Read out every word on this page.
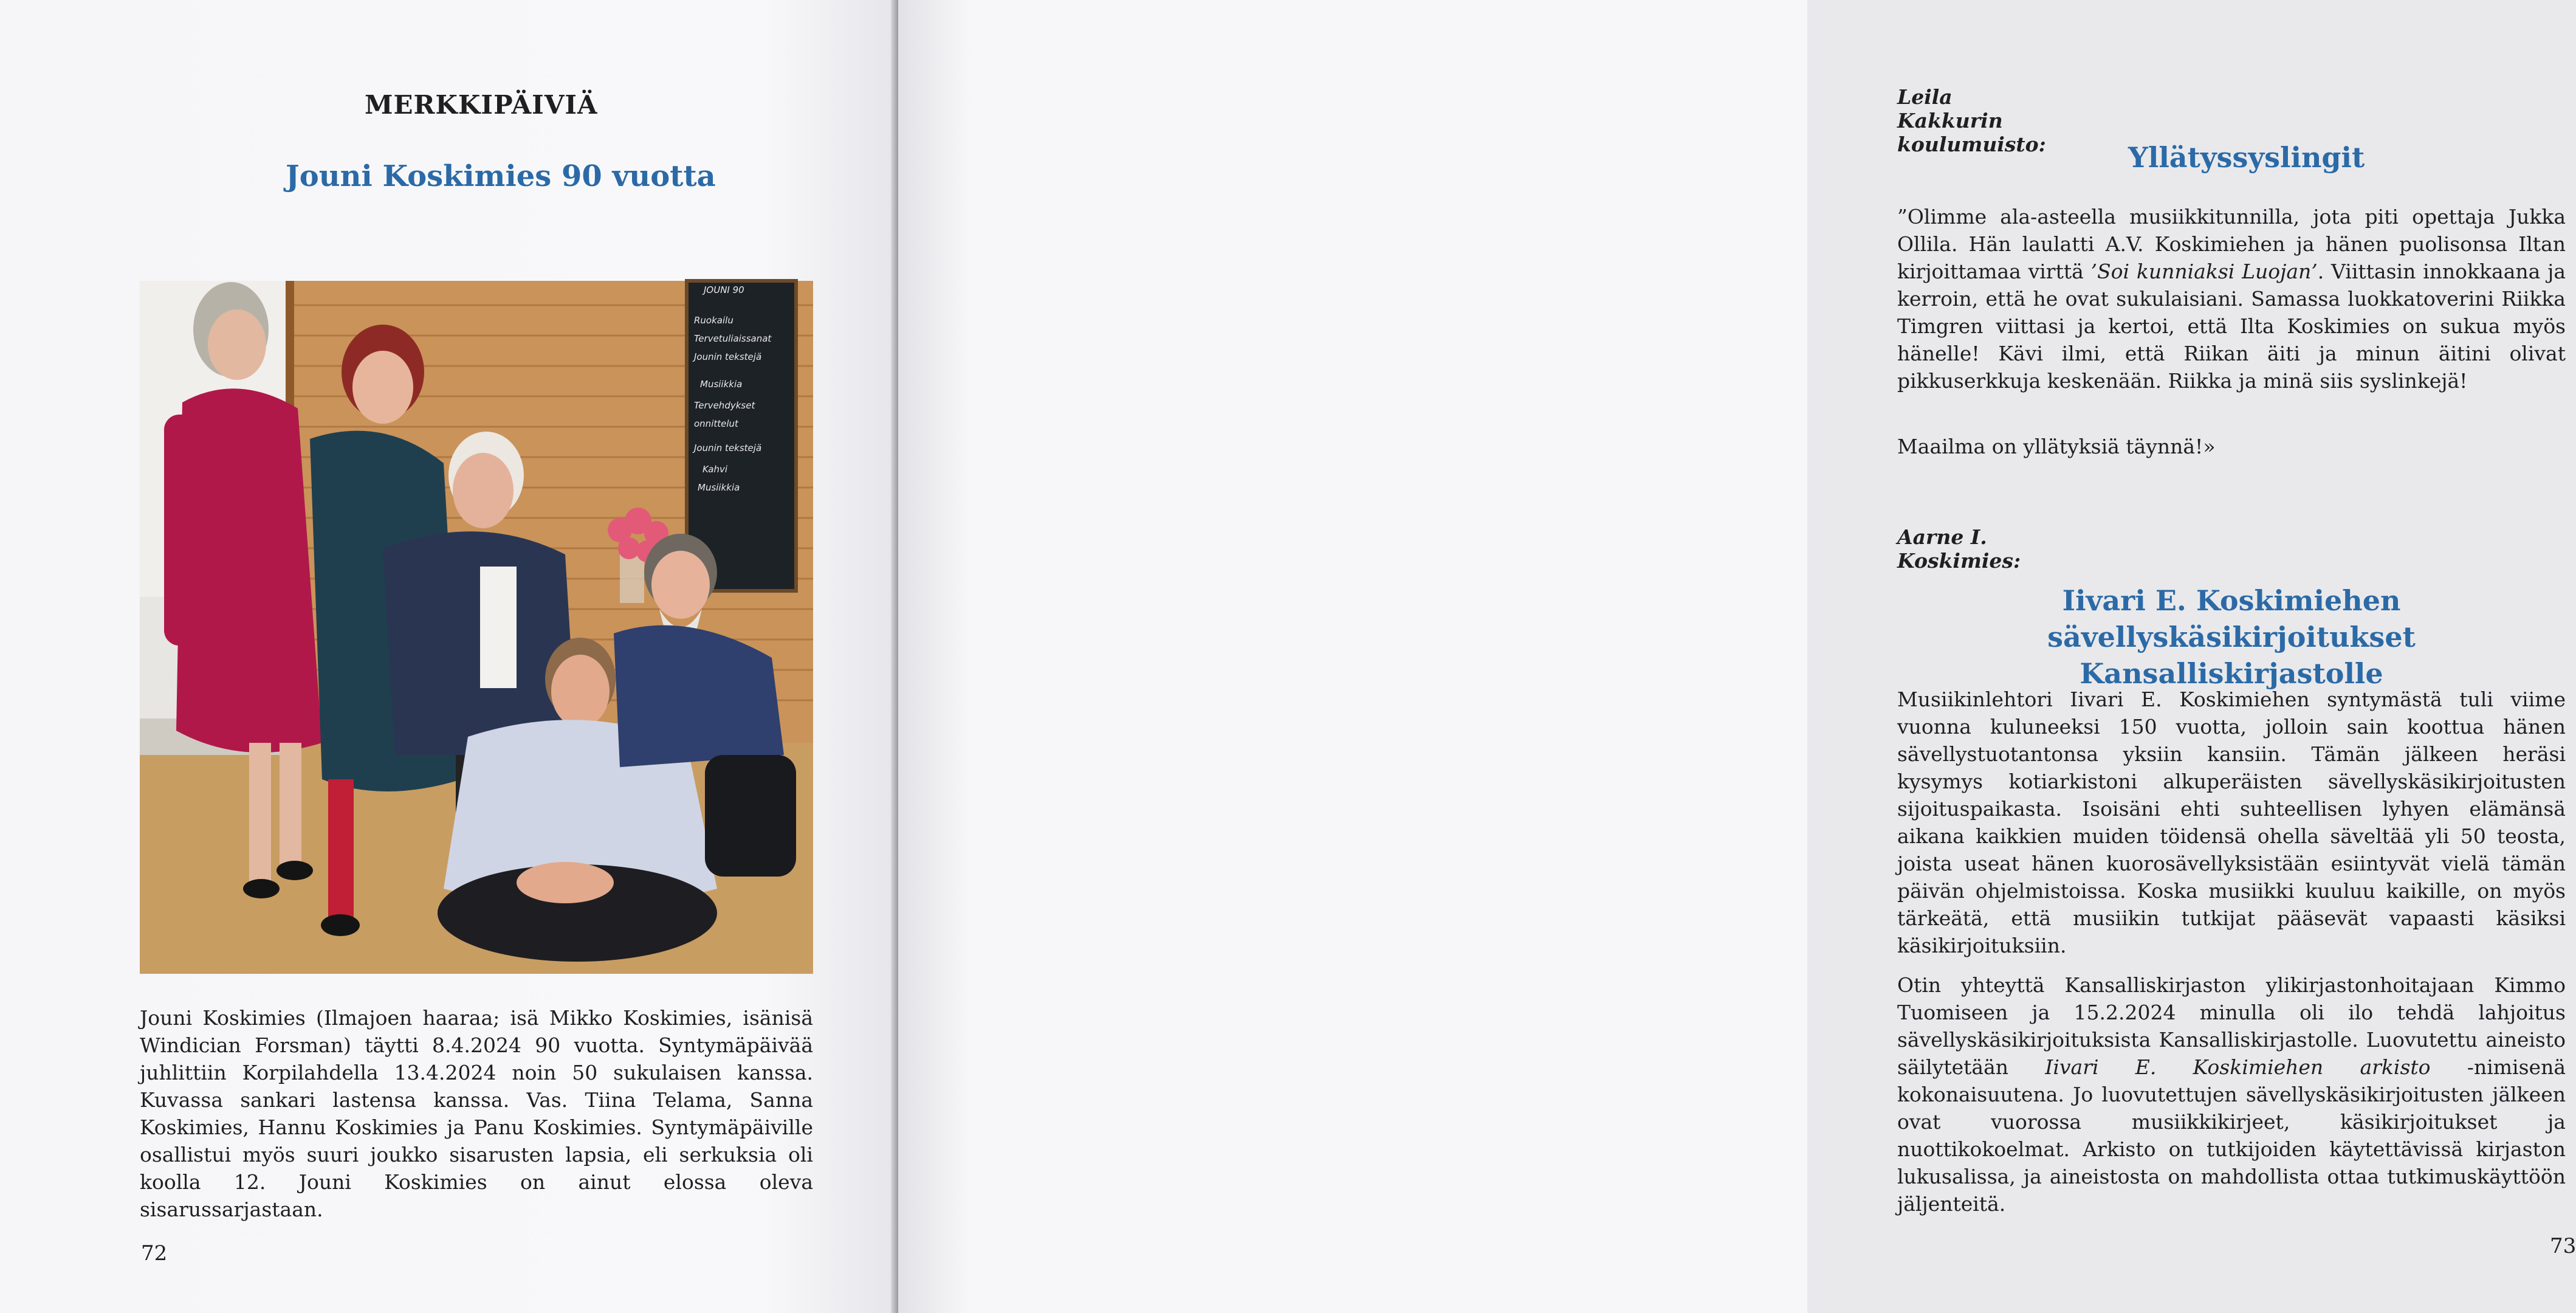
MERKKIPÄIVIÄ
Jouni Koskimies 90 vuotta
JOUNI 90
Ruokailu
Tervetuliaissanat
Jounin tekstejä
Musiikkia
Tervehdykset
onnittelut
Jounin tekstejä
Kahvi
Musiikkia

Jouni Koskimies (Ilmajoen haaraa; isä Mikko Koskimies, isänisä Windician Forsman) täytti 8.4.2024 90 vuotta. Syntymäpäivää juhlittiin Korpilahdella 13.4.2024 noin 50 sukulaisen kanssa. Kuvassa sankari lastensa kanssa. Vas. Tiina Telama, Sanna Koskimies, Hannu Koskimies ja Panu Koskimies. Syntymäpäiville osallistui myös suuri joukko sisarusten lapsia, eli serkuksia oli koolla 12. Jouni Koskimies on ainut elossa oleva sisarussarjastaan.

72
Leila Kakkurin koulumuisto:	Yllätyssyslingit

”Olimme ala-asteella musiikkitunnilla, jota piti opettaja Jukka Ollila. Hän laulatti A.V. Koskimiehen ja hänen puolisonsa Iltan kirjoittamaa virttä ’Soi kunniaksi Luojan’. Viittasin innokkaana ja kerroin, että he ovat sukulaisiani. Samassa luokkatoverini Riikka Timgren viittasi ja kertoi, että Ilta Koskimies on sukua myös hänelle! Kävi ilmi, että Riikan äiti ja minun äitini olivat pikkuserkkuja keskenään. Riikka ja minä siis syslinkejä!

Maailma on yllätyksiä täynnä!»

Aarne I. Koskimies:
Iivari E. Koskimiehen sävellyskäsikirjoitukset
Kansalliskirjastolle

Musiikinlehtori Iivari E. Koskimiehen syntymästä tuli viime vuonna kuluneeksi 150 vuotta, jolloin sain koottua hänen sävellystuotantonsa yksiin kansiin. Tämän jälkeen heräsi kysymys kotiarkistoni alkuperäisten sävellyskäsikirjoitusten sijoituspaikasta. Isoisäni ehti suhteellisen lyhyen elämänsä aikana kaikkien muiden töidensä ohella säveltää yli 50 teosta, joista useat hänen kuorosävellyksistään esiintyvät vielä tämän päivän ohjelmistoissa. Koska musiikki kuuluu kaikille, on myös tärkeätä, että musiikin tutkijat pääsevät vapaasti käsiksi käsikirjoituksiin.

Otin yhteyttä Kansalliskirjaston ylikirjastonhoitajaan Kimmo Tuomiseen ja 15.2.2024 minulla oli ilo tehdä lahjoitus sävellyskäsikirjoituksista Kansalliskirjastolle. Luovutettu aineisto säilytetään Iivari E. Koskimiehen arkisto -nimisenä kokonaisuutena. Jo luovutettujen sävellyskäsikirjoitusten jälkeen ovat vuorossa musiikkikirjeet, käsikirjoitukset ja nuottikokoelmat. Arkisto on tutkijoiden käytettävissä kirjaston lukusalissa, ja aineistosta on mahdollista ottaa tutkimuskäyttöön jäljenteitä.

73
